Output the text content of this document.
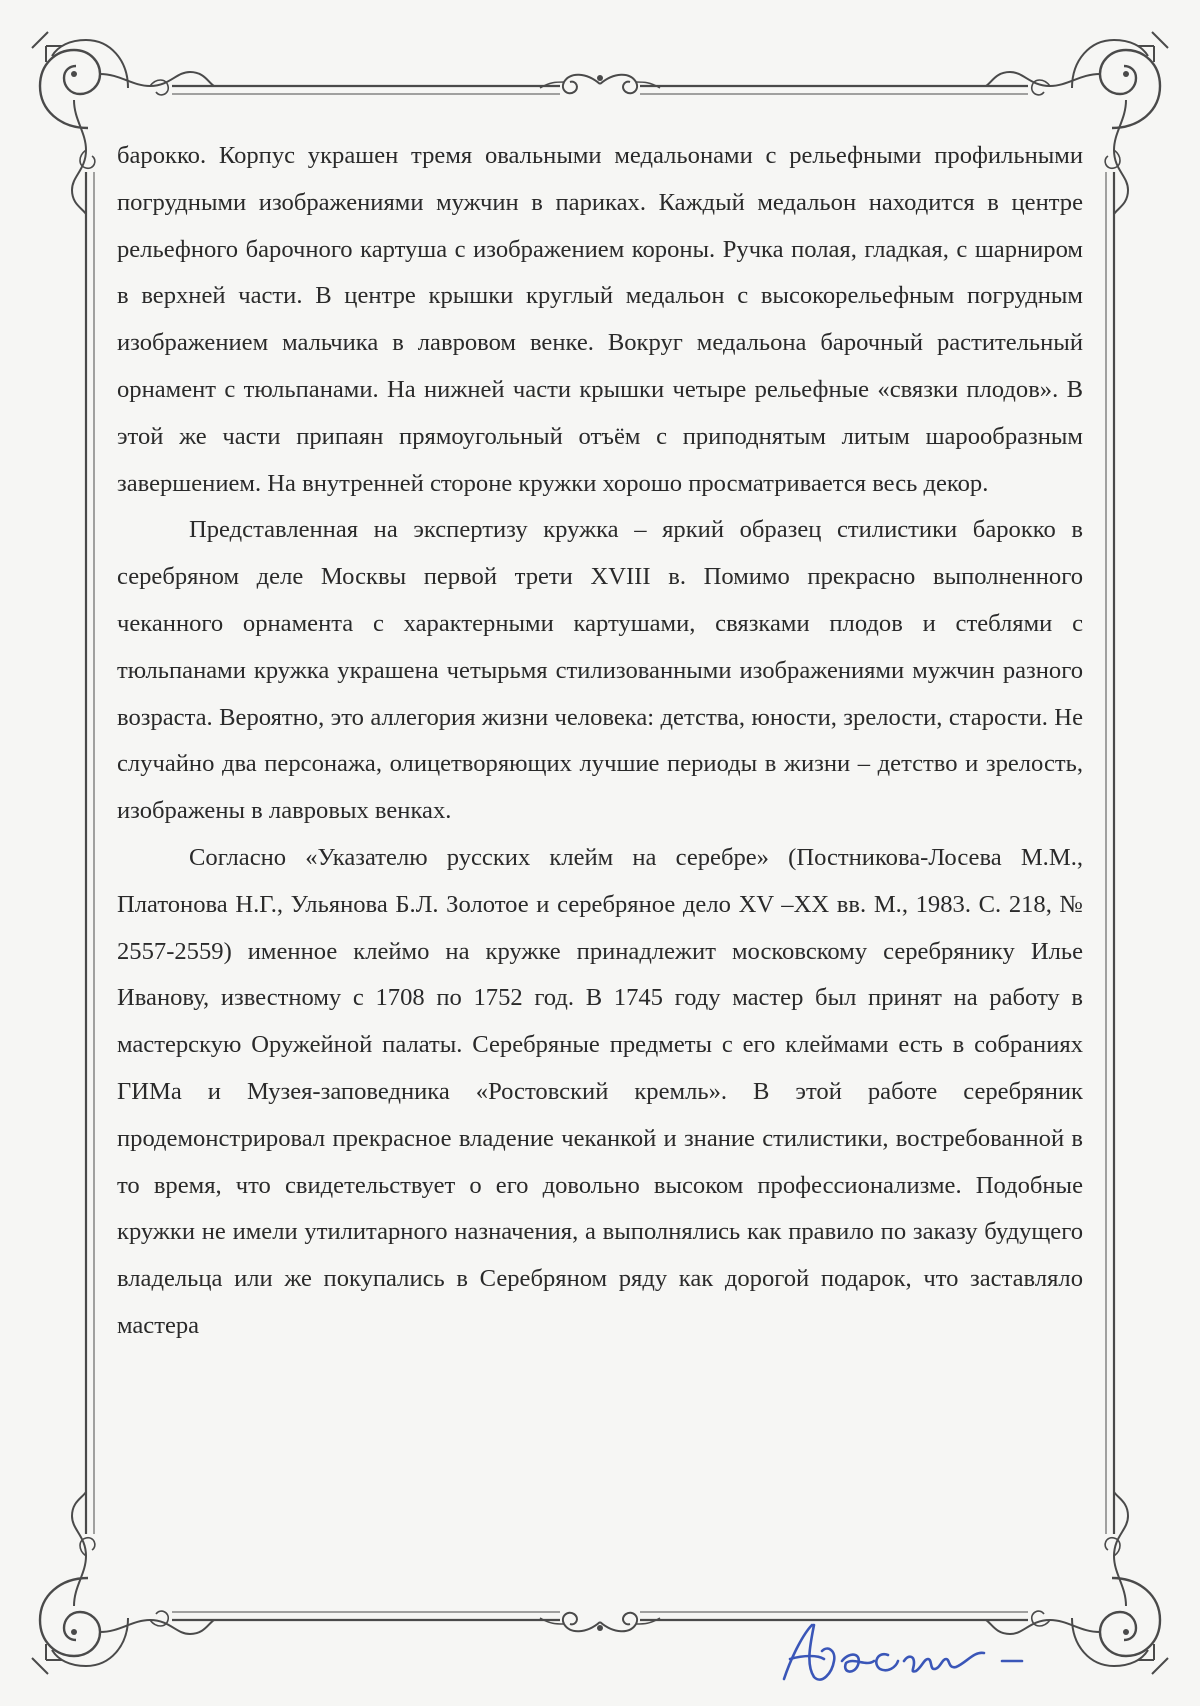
барокко. Корпус украшен тремя овальными медальонами с рельефными профильными погрудными изображениями мужчин в париках. Каждый медальон находится в центре рельефного барочного картуша с изображением короны. Ручка полая, гладкая, с шарниром в верхней части. В центре крышки круглый медальон с высокорельефным погрудным изображением мальчика в лавровом венке. Вокруг медальона барочный растительный орнамент с тюльпанами. На нижней части крышки четыре рельефные «связки плодов». В этой же части припаян прямоугольный отъём с приподнятым литым шарообразным завершением. На внутренней стороне кружки хорошо просматривается весь декор.

Представленная на экспертизу кружка – яркий образец стилистики барокко в серебряном деле Москвы первой трети XVIII в. Помимо прекрасно выполненного чеканного орнамента с характерными картушами, связками плодов и стеблями с тюльпанами кружка украшена четырьмя стилизованными изображениями мужчин разного возраста. Вероятно, это аллегория жизни человека: детства, юности, зрелости, старости. Не случайно два персонажа, олицетворяющих лучшие периоды в жизни – детство и зрелость, изображены в лавровых венках.

Согласно «Указателю русских клейм на серебре» (Постникова-Лосева М.М., Платонова Н.Г., Ульянова Б.Л. Золотое и серебряное дело XV –XX вв. М., 1983. С. 218, № 2557-2559) именное клеймо на кружке принадлежит московскому серебрянику Илье Иванову, известному с 1708 по 1752 год. В 1745 году мастер был принят на работу в мастерскую Оружейной палаты. Серебряные предметы с его клеймами есть в собраниях ГИМа и Музея-заповедника «Ростовский кремль». В этой работе серебряник продемонстрировал прекрасное владение чеканкой и знание стилистики, востребованной в то время, что свидетельствует о его довольно высоком профессионализме. Подобные кружки не имели утилитарного назначения, а выполнялись как правило по заказу будущего владельца или же покупались в Серебряном ряду как дорогой подарок, что заставляло мастера
